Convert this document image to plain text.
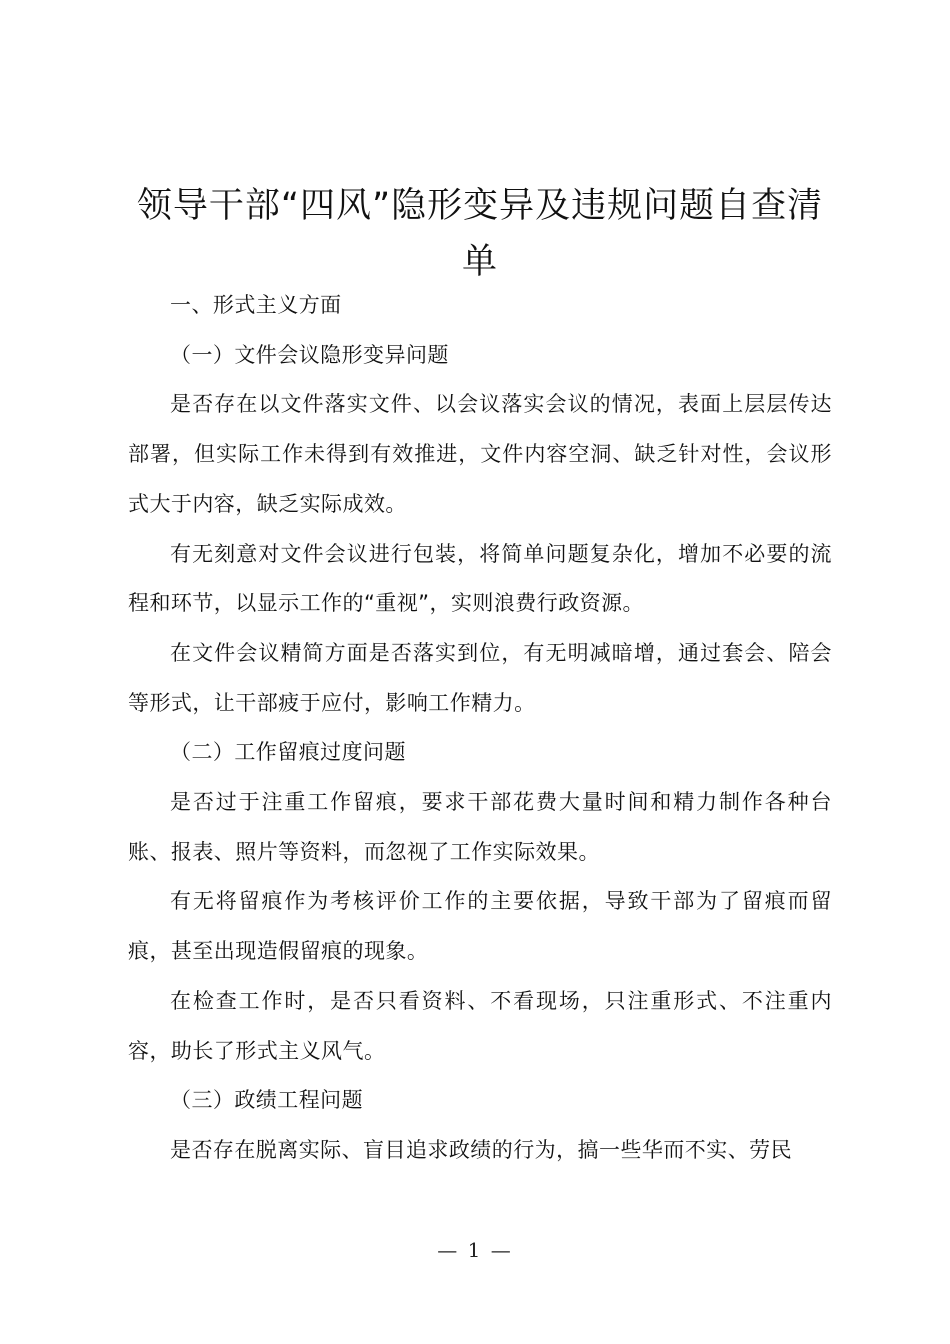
领导干部“四风”隐形变异及违规问题自查清单

一、形式主义方面

（一）文件会议隐形变异问题

是否存在以文件落实文件、以会议落实会议的情况，表面上层层传达部署，但实际工作未得到有效推进，文件内容空洞、缺乏针对性，会议形式大于内容，缺乏实际成效。

有无刻意对文件会议进行包装，将简单问题复杂化，增加不必要的流程和环节，以显示工作的“重视”，实则浪费行政资源。

在文件会议精简方面是否落实到位，有无明减暗增，通过套会、陪会等形式，让干部疲于应付，影响工作精力。

（二）工作留痕过度问题

是否过于注重工作留痕，要求干部花费大量时间和精力制作各种台账、报表、照片等资料，而忽视了工作实际效果。

有无将留痕作为考核评价工作的主要依据，导致干部为了留痕而留痕，甚至出现造假留痕的现象。

在检查工作时，是否只看资料、不看现场，只注重形式、不注重内容，助长了形式主义风气。

（三）政绩工程问题

是否存在脱离实际、盲目追求政绩的行为，搞一些华而不实、劳民

— 1 —
